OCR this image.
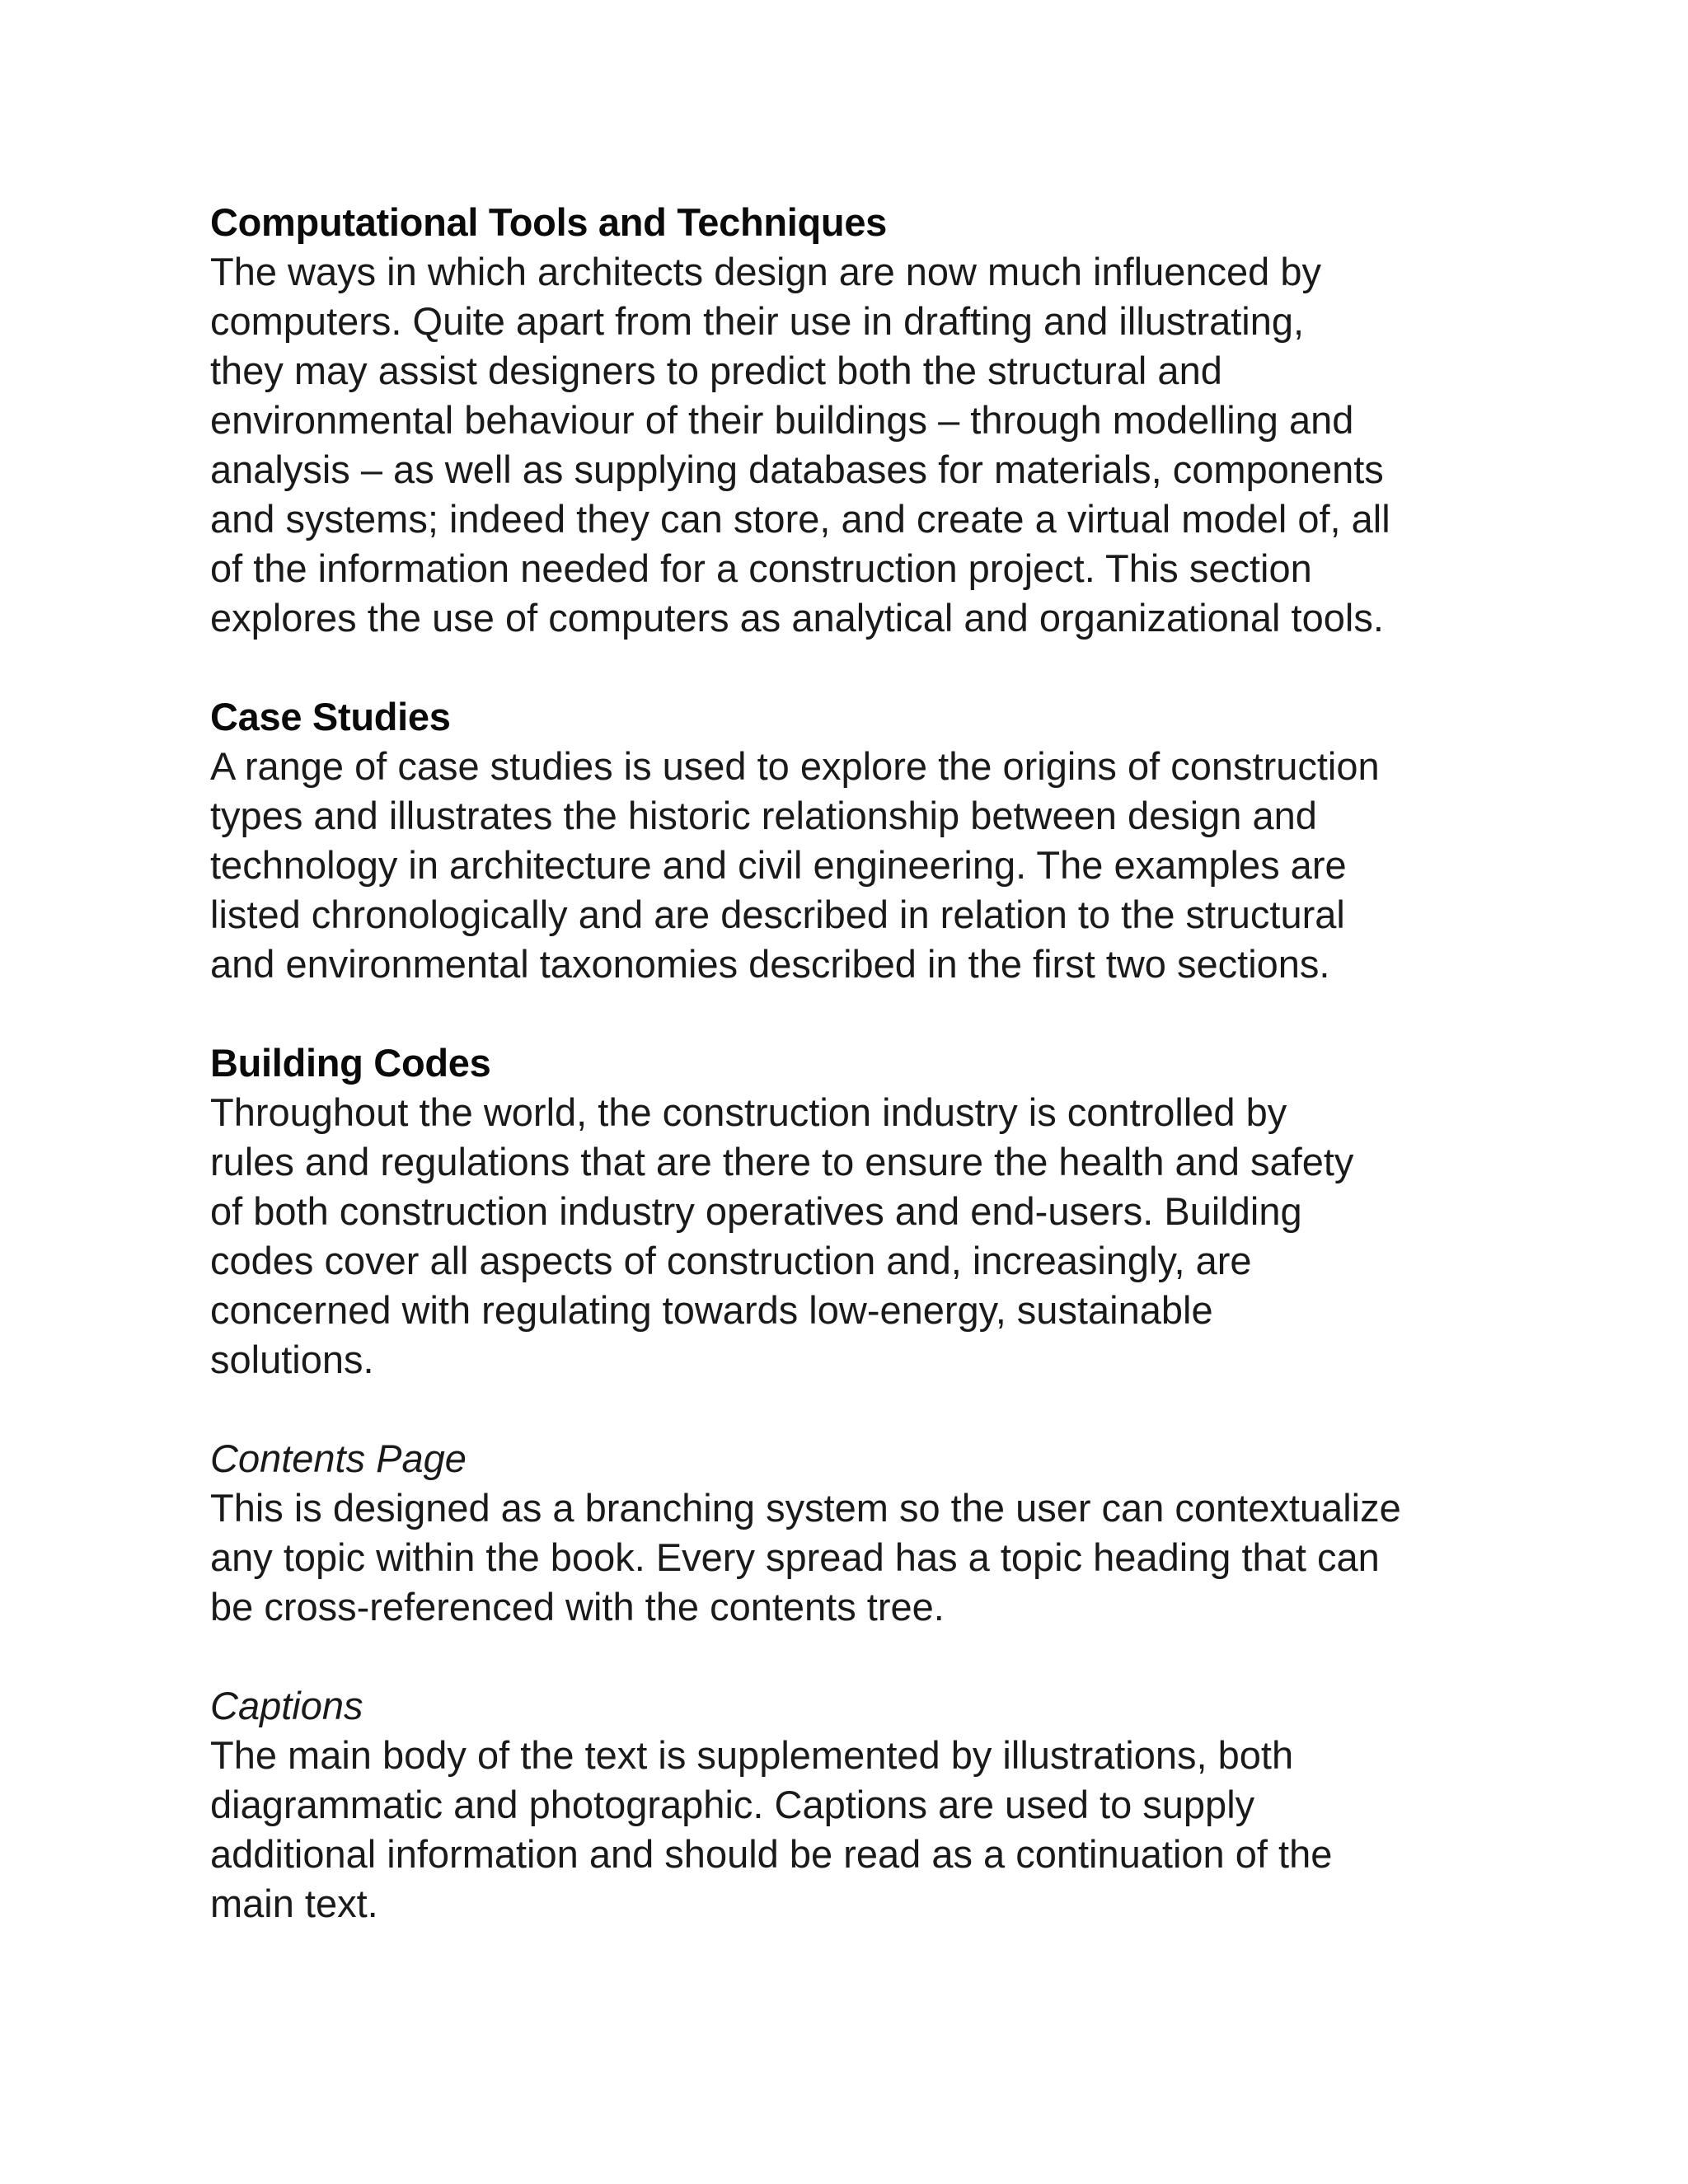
Computational Tools and Techniques
The ways in which architects design are now much influenced by
computers. Quite apart from their use in drafting and illustrating,
they may assist designers to predict both the structural and
environmental behaviour of their buildings – through modelling and
analysis – as well as supplying databases for materials, components
and systems; indeed they can store, and create a virtual model of, all
of the information needed for a construction project. This section
explores the use of computers as analytical and organizational tools.
Case Studies
A range of case studies is used to explore the origins of construction
types and illustrates the historic relationship between design and
technology in architecture and civil engineering. The examples are
listed chronologically and are described in relation to the structural
and environmental taxonomies described in the first two sections.
Building Codes
Throughout the world, the construction industry is controlled by
rules and regulations that are there to ensure the health and safety
of both construction industry operatives and end-users. Building
codes cover all aspects of construction and, increasingly, are
concerned with regulating towards low-energy, sustainable
solutions.
Contents Page
This is designed as a branching system so the user can contextualize
any topic within the book. Every spread has a topic heading that can
be cross-referenced with the contents tree.
Captions
The main body of the text is supplemented by illustrations, both
diagrammatic and photographic. Captions are used to supply
additional information and should be read as a continuation of the
main text.
